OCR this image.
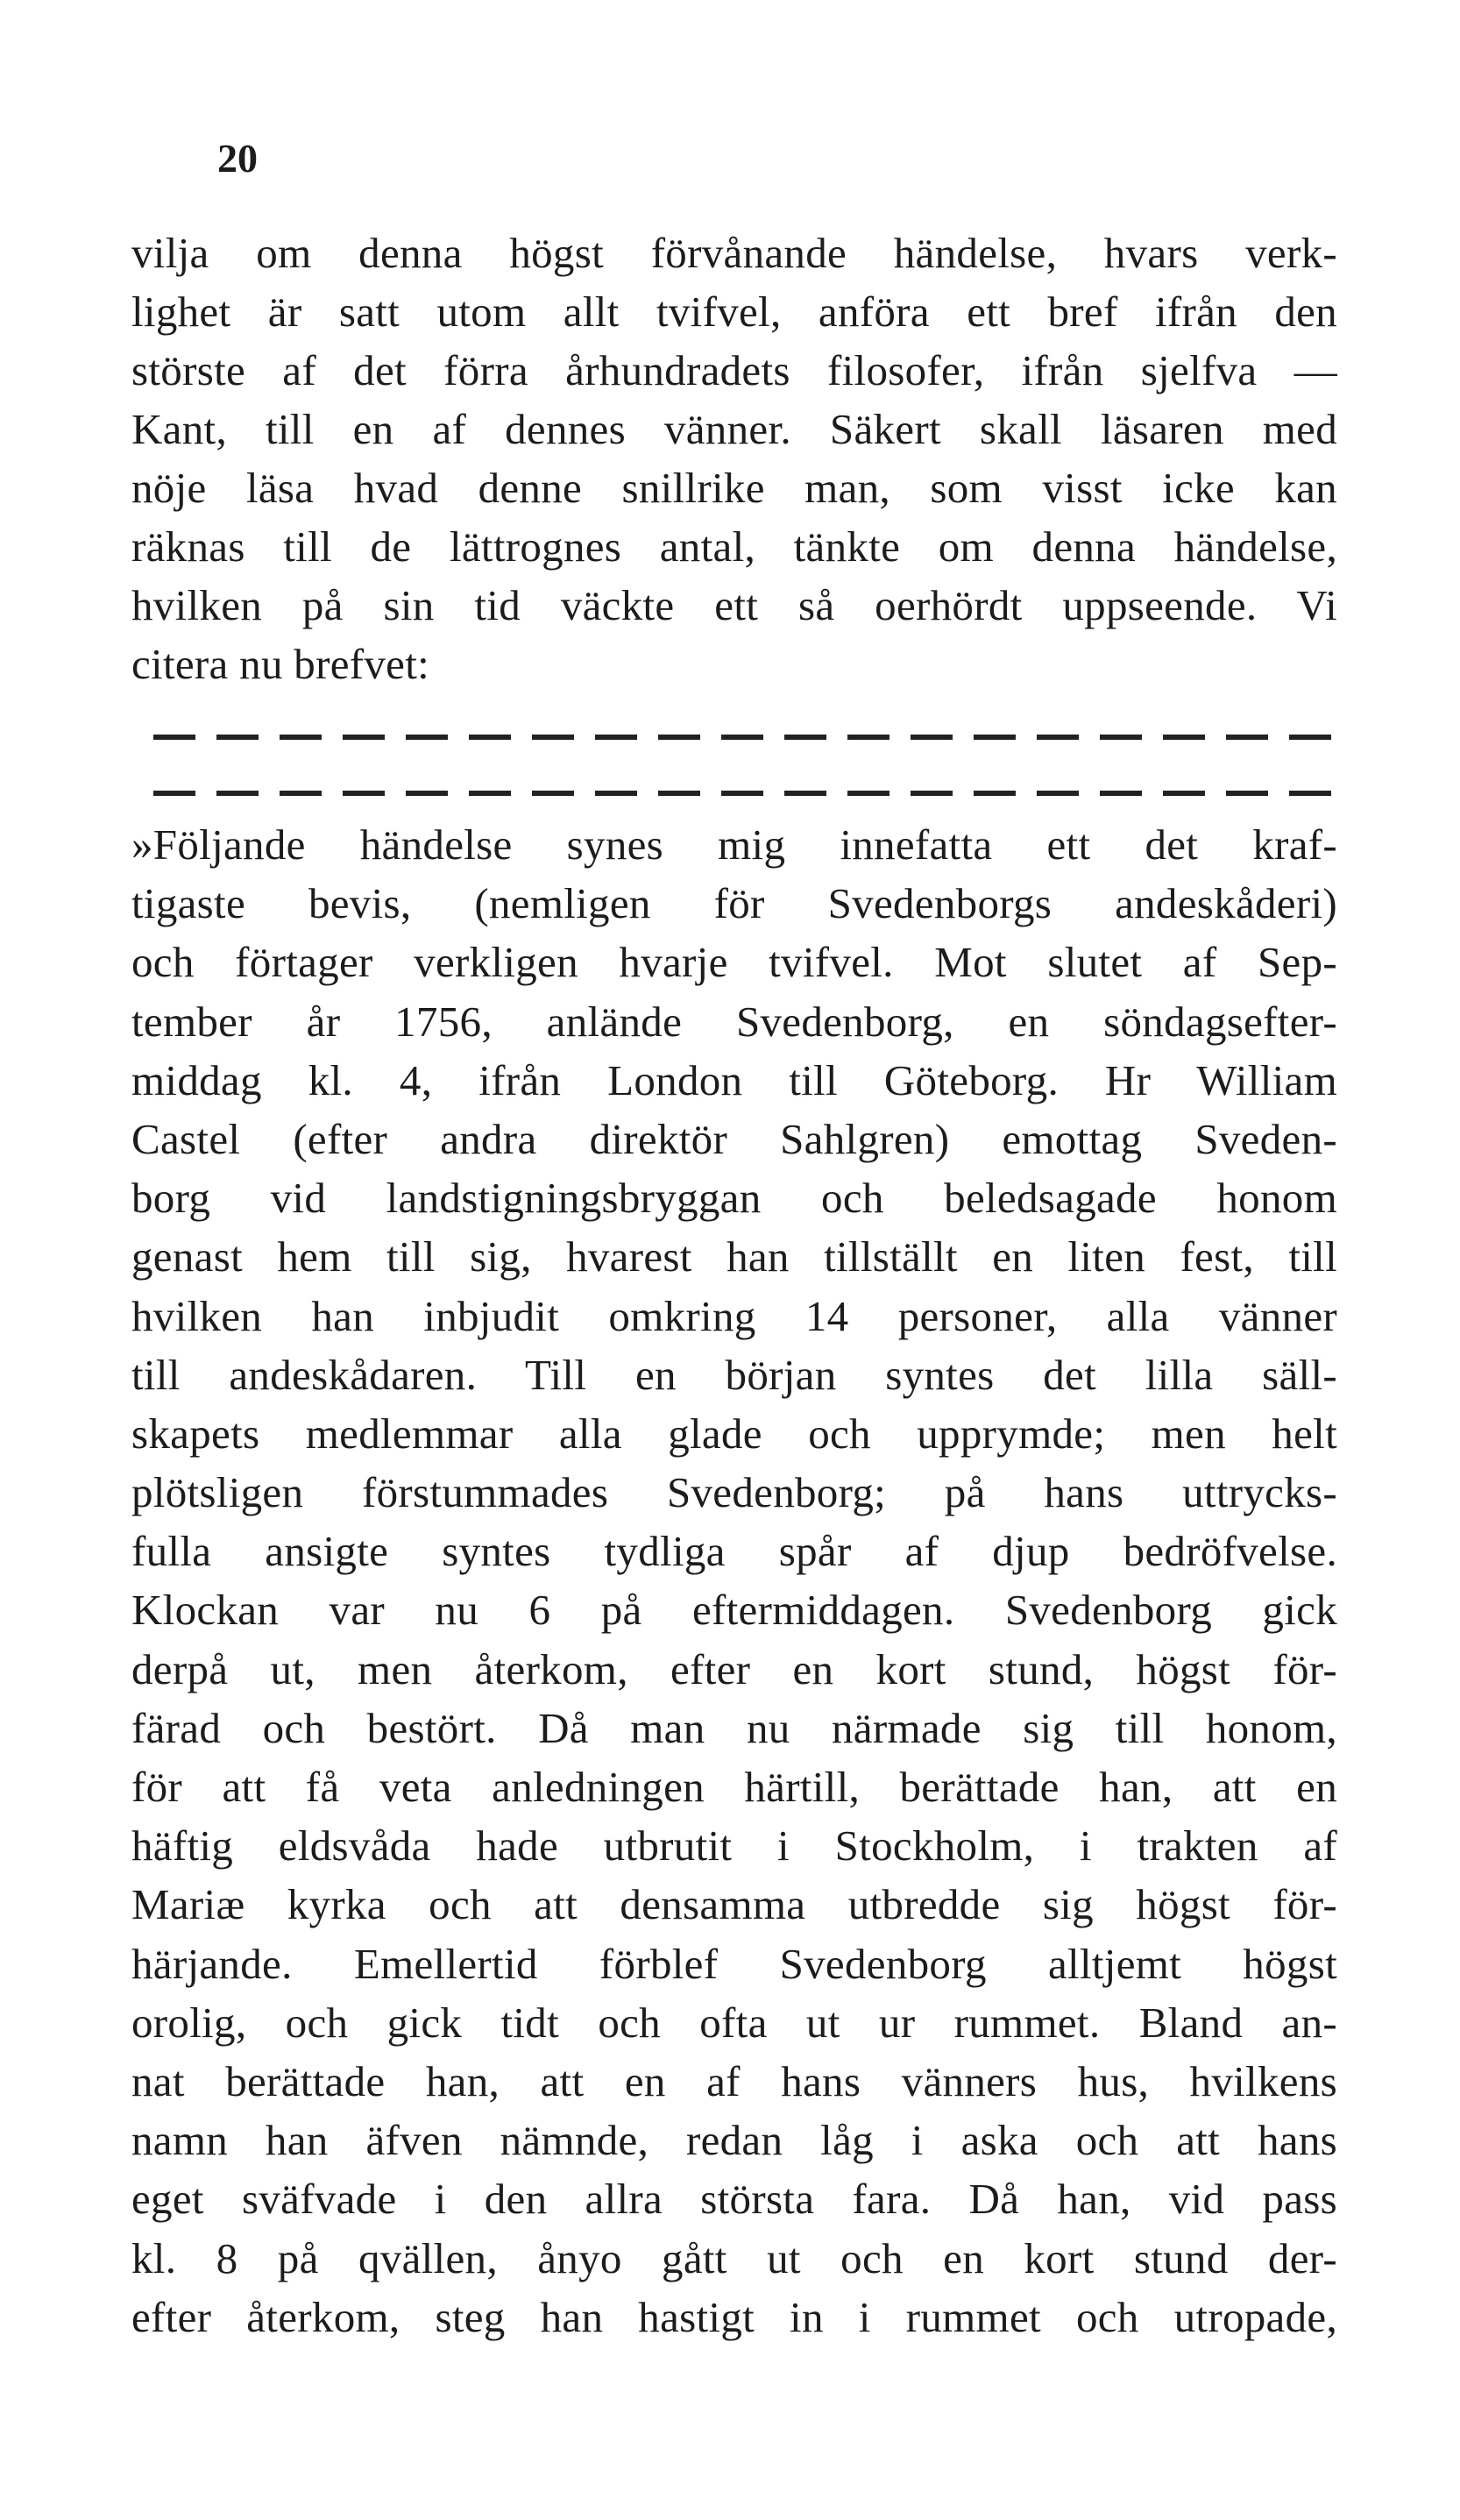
20
vilja om denna högst förvånande händelse, hvars verk-
lighet är satt utom allt tvifvel, anföra ett bref ifrån den
störste af det förra århundradets filosofer, ifrån sjelfva —
Kant, till en af dennes vänner. Säkert skall läsaren med
nöje läsa hvad denne snillrike man, som visst icke kan
räknas till de lättrognes antal, tänkte om denna händelse,
hvilken på sin tid väckte ett så oerhördt uppseende. Vi
citera nu brefvet:
»Följande händelse synes mig innefatta ett det kraf-
tigaste bevis, (nemligen för Svedenborgs andeskåderi)
och förtager verkligen hvarje tvifvel. Mot slutet af Sep-
tember år 1756, anlände Svedenborg, en söndagsefter-
middag kl. 4, ifrån London till Göteborg. Hr William
Castel (efter andra direktör Sahlgren) emottag Sveden-
borg vid landstigningsbryggan och beledsagade honom
genast hem till sig, hvarest han tillställt en liten fest, till
hvilken han inbjudit omkring 14 personer, alla vänner
till andeskådaren. Till en början syntes det lilla säll-
skapets medlemmar alla glade och upprymde; men helt
plötsligen förstummades Svedenborg; på hans uttrycks-
fulla ansigte syntes tydliga spår af djup bedröfvelse.
Klockan var nu 6 på eftermiddagen. Svedenborg gick
derpå ut, men återkom, efter en kort stund, högst för-
färad och bestört. Då man nu närmade sig till honom,
för att få veta anledningen härtill, berättade han, att en
häftig eldsvåda hade utbrutit i Stockholm, i trakten af
Mariæ kyrka och att densamma utbredde sig högst för-
härjande. Emellertid förblef Svedenborg alltjemt högst
orolig, och gick tidt och ofta ut ur rummet. Bland an-
nat berättade han, att en af hans vänners hus, hvilkens
namn han äfven nämnde, redan låg i aska och att hans
eget sväfvade i den allra största fara. Då han, vid pass
kl. 8 på qvällen, ånyo gått ut och en kort stund der-
efter återkom, steg han hastigt in i rummet och utropade,
